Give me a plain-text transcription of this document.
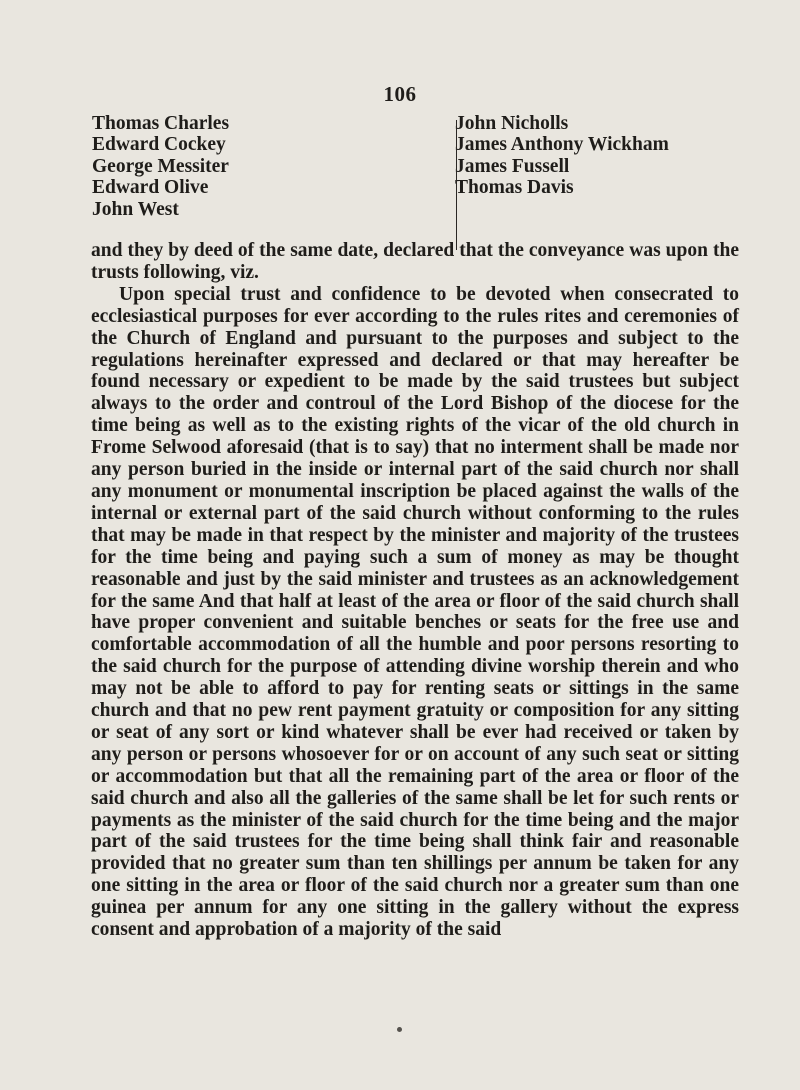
106
Thomas Charles
Edward Cockey
George Messiter
Edward Olive
John West
John Nicholls
James Anthony Wickham
James Fussell
Thomas Davis

and they by deed of the same date, declared that the conveyance was upon the trusts following, viz.

Upon special trust and confidence to be devoted when consecrated to ecclesiastical purposes for ever according to the rules rites and ceremonies of the Church of England and pursuant to the purposes and subject to the regulations hereinafter expressed and declared or that may hereafter be found necessary or expedient to be made by the said trustees but subject always to the order and controul of the Lord Bishop of the diocese for the time being as well as to the existing rights of the vicar of the old church in Frome Selwood aforesaid (that is to say) that no interment shall be made nor any person buried in the inside or internal part of the said church nor shall any monument or monumental inscription be placed against the walls of the internal or external part of the said church without conforming to the rules that may be made in that respect by the minister and majority of the trustees for the time being and paying such a sum of money as may be thought reasonable and just by the said minister and trustees as an acknowledgement for the same And that half at least of the area or floor of the said church shall have proper convenient and suitable benches or seats for the free use and comfortable accommodation of all the humble and poor persons resorting to the said church for the purpose of attending divine worship therein and who may not be able to afford to pay for renting seats or sittings in the same church and that no pew rent payment gratuity or composition for any sitting or seat of any sort or kind whatever shall be ever had received or taken by any person or persons whosoever for or on account of any such seat or sitting or accommodation but that all the remaining part of the area or floor of the said church and also all the galleries of the same shall be let for such rents or payments as the minister of the said church for the time being and the major part of the said trustees for the time being shall think fair and reasonable provided that no greater sum than ten shillings per annum be taken for any one sitting in the area or floor of the said church nor a greater sum than one guinea per annum for any one sitting in the gallery without the express consent and approbation of a majority of the said
